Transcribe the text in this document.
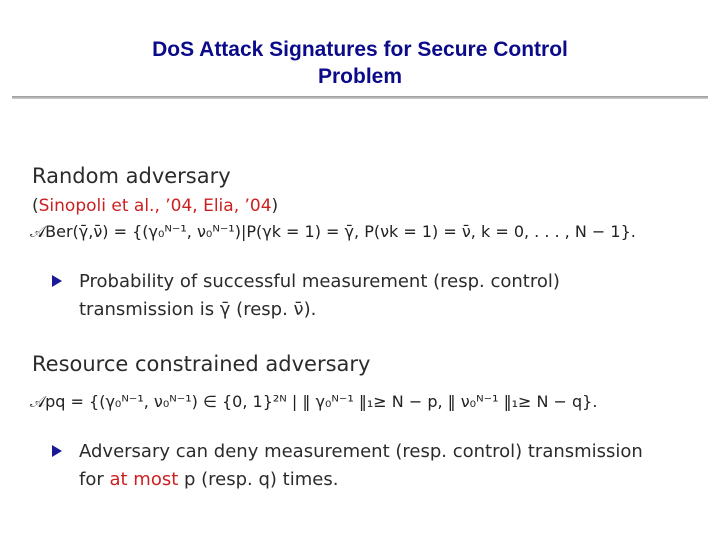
DoS Attack Signatures for Secure Control
Problem
Random adversary
(Sinopoli et al., ’04, Elia, ’04)
𝒜Ber(γ̄,ν̄) = {(γ₀ᴺ⁻¹, ν₀ᴺ⁻¹)|P(γk = 1) = γ̄, P(νk = 1) = ν̄, k = 0, . . . , N − 1}.
Probability of successful measurement (resp. control)
transmission is γ̄ (resp. ν̄).
Resource constrained adversary
𝒜pq = {(γ₀ᴺ⁻¹, ν₀ᴺ⁻¹) ∈ {0, 1}²ᴺ | ‖ γ₀ᴺ⁻¹ ‖₁≥ N − p, ‖ ν₀ᴺ⁻¹ ‖₁≥ N − q}.
Adversary can deny measurement (resp. control) transmission
for at most p (resp. q) times.
